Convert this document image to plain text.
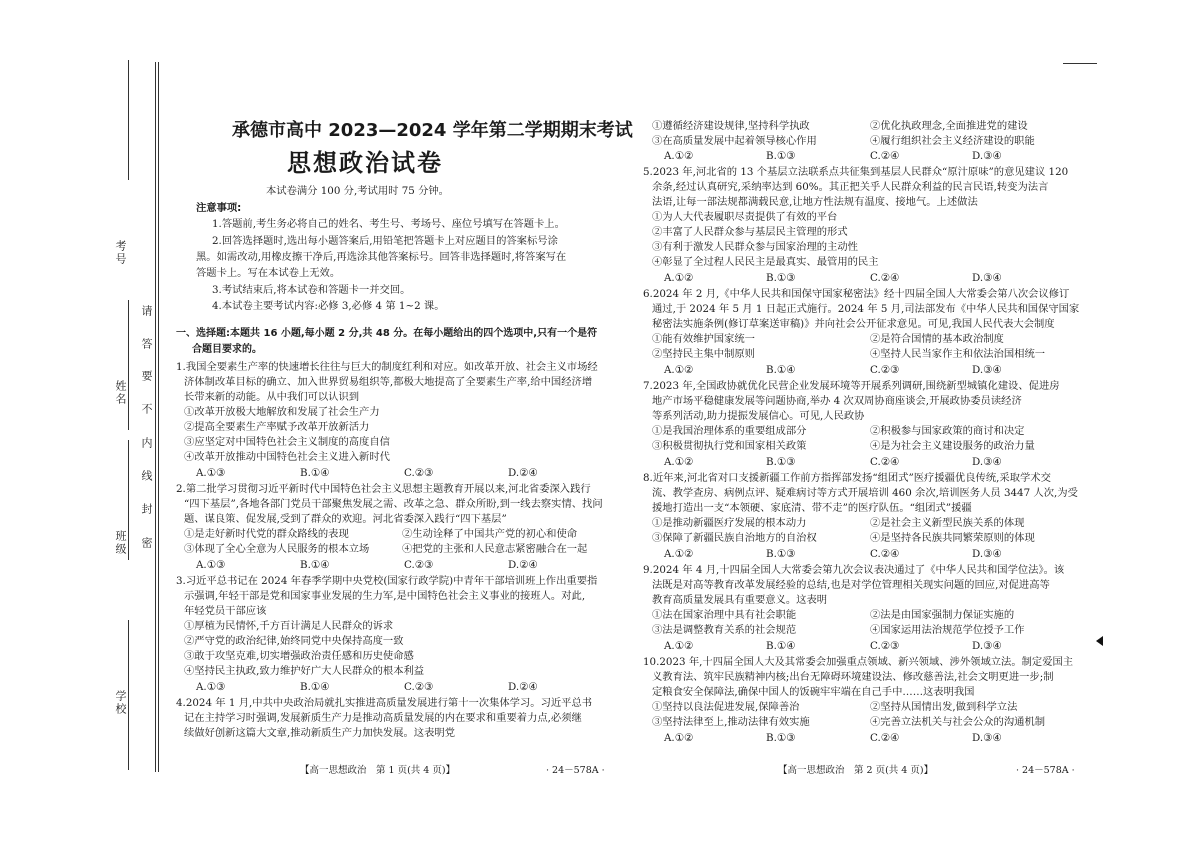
考号
姓名
班级
学校
请
答
要
不
内
线
封
密
承德市高中 2023—2024 学年第二学期期末考试
思想政治试卷
本试卷满分 100 分,考试用时 75 分钟。
注意事项:
1.答题前,考生务必将自己的姓名、考生号、考场号、座位号填写在答题卡上。
2.回答选择题时,选出每小题答案后,用铅笔把答题卡上对应题目的答案标号涂
黑。如需改动,用橡皮擦干净后,再选涂其他答案标号。回答非选择题时,将答案写在
答题卡上。写在本试卷上无效。
3.考试结束后,将本试卷和答题卡一并交回。
4.本试卷主要考试内容:必修 3,必修 4 第 1~2 课。
一、选择题:本题共 16 小题,每小题 2 分,共 48 分。在每小题给出的四个选项中,只有一个是符
合题目要求的。
1.我国全要素生产率的快速增长往往与巨大的制度红利和对应。如改革开放、社会主义市场经
济体制改革目标的确立、加入世界贸易组织等,都极大地提高了全要素生产率,给中国经济增
长带来新的动能。从中我们可以认识到
①改革开放极大地解放和发展了社会生产力
②提高全要素生产率赋予改革开放新活力
③应坚定对中国特色社会主义制度的高度自信
④改革开放推动中国特色社会主义进入新时代
A.①③	B.①④	C.②③	D.②④
2.第二批学习贯彻习近平新时代中国特色社会主义思想主题教育开展以来,河北省委深入践行
“四下基层”,各地各部门党员干部聚焦发展之需、改革之急、群众所盼,到一线去察实情、找问
题、谋良策、促发展,受到了群众的欢迎。河北省委深入践行“四下基层”
①是走好新时代党的群众路线的表现	②生动诠释了中国共产党的初心和使命
③体现了全心全意为人民服务的根本立场	④把党的主张和人民意志紧密融合在一起
A.①③	B.①④	C.②③	D.②④
3.习近平总书记在 2024 年春季学期中央党校(国家行政学院)中青年干部培训班上作出重要指
示强调,年轻干部是党和国家事业发展的生力军,是中国特色社会主义事业的接班人。对此,
年轻党员干部应该
①厚植为民情怀,千方百计满足人民群众的诉求
②严守党的政治纪律,始终同党中央保持高度一致
③敢于攻坚克难,切实增强政治责任感和历史使命感
④坚持民主执政,致力维护好广大人民群众的根本利益
A.①③	B.①④	C.②③	D.②④
4.2024 年 1 月,中共中央政治局就扎实推进高质量发展进行第十一次集体学习。习近平总书
记在主持学习时强调,发展新质生产力是推动高质量发展的内在要求和重要着力点,必须继
续做好创新这篇大文章,推动新质生产力加快发展。这表明党
【高一思想政治　第 1 页(共 4 页)】	· 24－578A ·
①遵循经济建设规律,坚持科学执政	②优化执政理念,全面推进党的建设
③在高质量发展中起着领导核心作用	④履行组织社会主义经济建设的职能
A.①②	B.①③	C.②④	D.③④
5.2023 年,河北省的 13 个基层立法联系点共征集到基层人民群众“原汁原味”的意见建议 120
余条,经过认真研究,采纳率达到 60%。其正把关乎人民群众利益的民言民语,转变为法言
法语,让每一部法规都满载民意,让地方性法规有温度、接地气。上述做法
①为人大代表履职尽责提供了有效的平台
②丰富了人民群众参与基层民主管理的形式
③有利于激发人民群众参与国家治理的主动性
④彰显了全过程人民民主是最真实、最管用的民主
A.①②	B.①③	C.②④	D.③④
6.2024 年 2 月,《中华人民共和国保守国家秘密法》经十四届全国人大常委会第八次会议修订
通过,于 2024 年 5 月 1 日起正式施行。2024 年 5 月,司法部发布《中华人民共和国保守国家
秘密法实施条例(修订草案送审稿)》并向社会公开征求意见。可见,我国人民代表大会制度
①能有效维护国家统一	②是符合国情的基本政治制度
②坚持民主集中制原则	④坚持人民当家作主和依法治国相统一
A.①②	B.①④	C.②③	D.③④
7.2023 年,全国政协就优化民营企业发展环境等开展系列调研,围绕新型城镇化建设、促进房
地产市场平稳健康发展等问题协商,举办 4 次双周协商座谈会,开展政协委员读经济
等系列活动,助力提振发展信心。可见,人民政协
①是我国治理体系的重要组成部分	②积极参与国家政策的商讨和决定
③积极贯彻执行党和国家相关政策	④是为社会主义建设服务的政治力量
A.①②	B.①③	C.②④	D.③④
8.近年来,河北省对口支援新疆工作前方指挥部发扬“组团式”医疗援疆优良传统,采取学术交
流、教学查房、病例点评、疑难病讨等方式开展培训 460 余次,培训医务人员 3447 人次,为受
援地打造出一支“本领硬、家底清、带不走”的医疗队伍。“组团式”援疆
①是推动新疆医疗发展的根本动力	②是社会主义新型民族关系的体现
③保障了新疆民族自治地方的自治权	④是坚持各民族共同繁荣原则的体现
A.①②	B.①③	C.②④	D.③④
9.2024 年 4 月,十四届全国人大常委会第九次会议表决通过了《中华人民共和国学位法》。该
法既是对高等教育改革发展经验的总结,也是对学位管理相关现实问题的回应,对促进高等
教育高质量发展具有重要意义。这表明
①法在国家治理中具有社会职能	②法是由国家强制力保证实施的
③法是调整教育关系的社会规范	④国家运用法治规范学位授予工作
A.①②	B.①④	C.②③	D.③④
10.2023 年,十四届全国人大及其常委会加强重点领域、新兴领域、涉外领域立法。制定爱国主
义教育法、筑牢民族精神内核;出台无障碍环境建设法、修改慈善法,社会文明更进一步;制
定粮食安全保障法,确保中国人的饭碗牢牢端在自己手中……这表明我国
①坚持以良法促进发展,保障善治	②坚持从国情出发,做到科学立法
③坚持法律至上,推动法律有效实施	④完善立法机关与社会公众的沟通机制
A.①②	B.①③	C.②④	D.③④
【高一思想政治　第 2 页(共 4 页)】	· 24－578A ·
